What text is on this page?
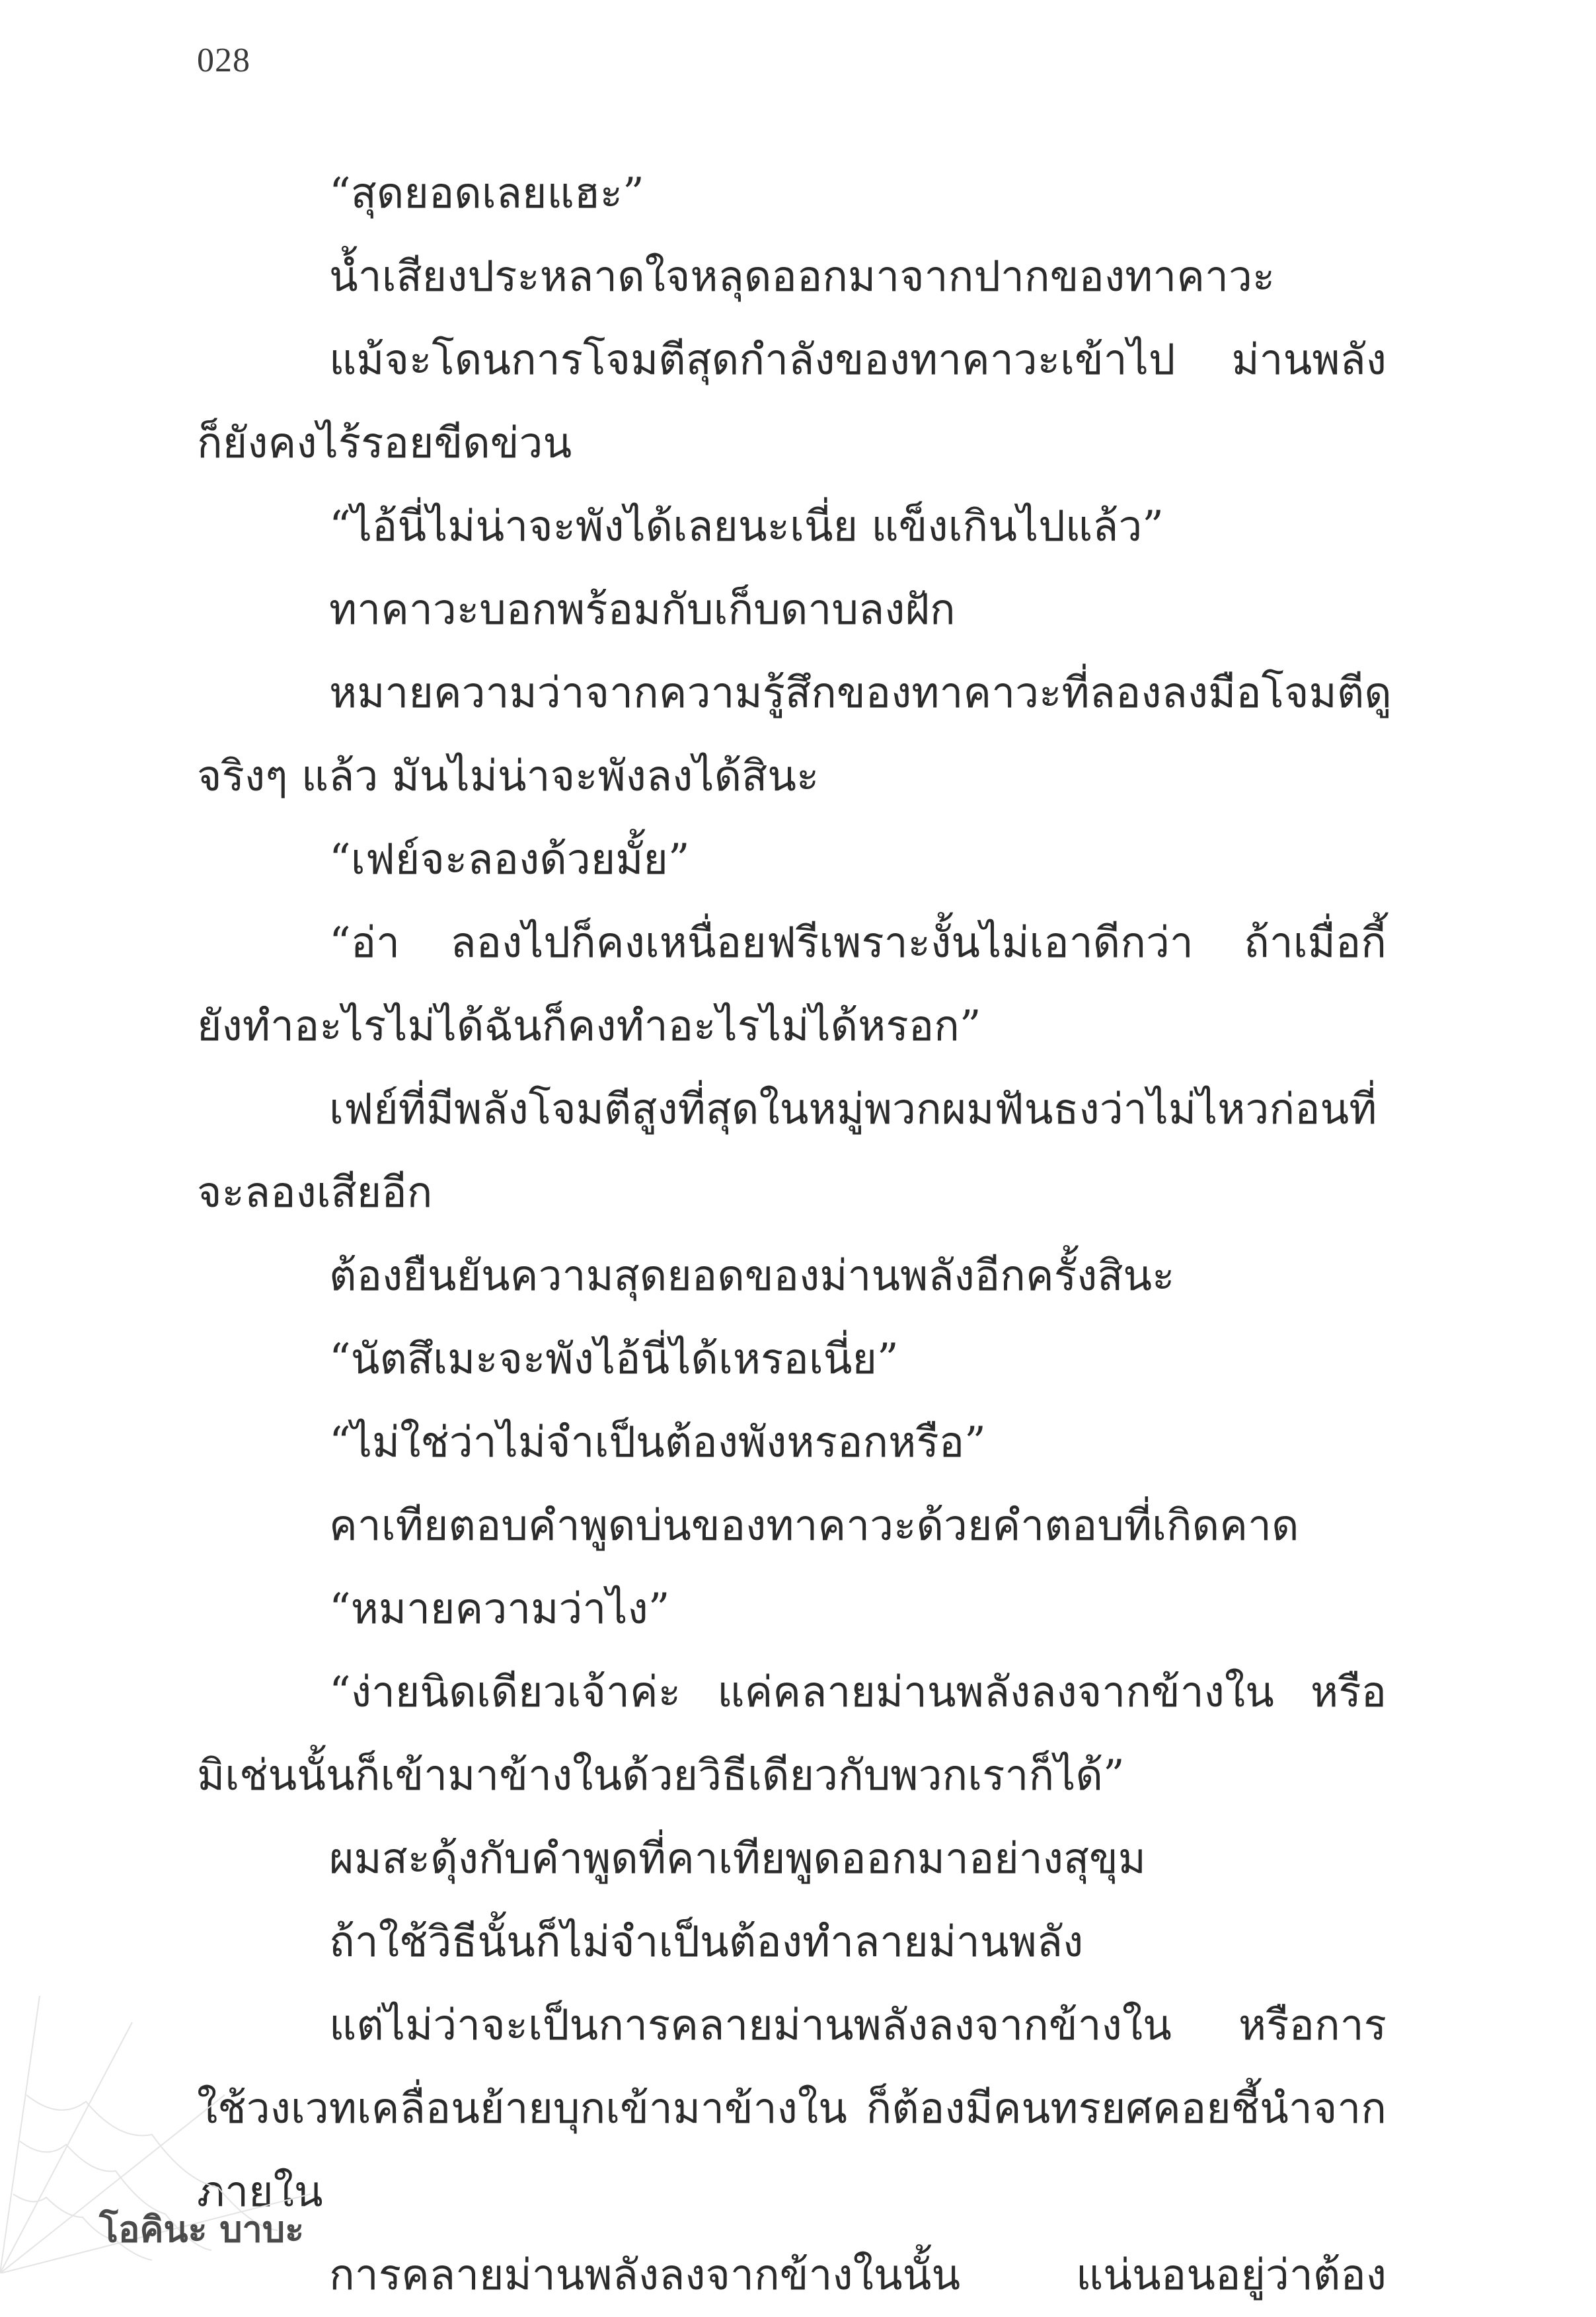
028
“สุดยอดเลยแฮะ”
น้ำเสียงประหลาดใจหลุดออกมาจากปากของทาคาวะ
แม้จะโดนการโจมตีสุดกำลังของทาคาวะเข้าไป ม่านพลัง
ก็ยังคงไร้รอยขีดข่วน
“ไอ้นี่ไม่น่าจะพังได้เลยนะเนี่ย แข็งเกินไปแล้ว”
ทาคาวะบอกพร้อมกับเก็บดาบลงฝัก
หมายความว่าจากความรู้สึกของทาคาวะที่ลองลงมือโจมตีดู
จริงๆ แล้ว มันไม่น่าจะพังลงได้สินะ
“เฟย์จะลองด้วยมั้ย”
“อ่า ลองไปก็คงเหนื่อยฟรีเพราะงั้นไม่เอาดีกว่า ถ้าเมื่อกี้
ยังทำอะไรไม่ได้ฉันก็คงทำอะไรไม่ได้หรอก”
เฟย์ที่มีพลังโจมตีสูงที่สุดในหมู่พวกผมฟันธงว่าไม่ไหวก่อนที่
จะลองเสียอีก
ต้องยืนยันความสุดยอดของม่านพลังอีกครั้งสินะ
“นัตสึเมะจะพังไอ้นี่ได้เหรอเนี่ย”
“ไม่ใช่ว่าไม่จำเป็นต้องพังหรอกหรือ”
คาเทียตอบคำพูดบ่นของทาคาวะด้วยคำตอบที่เกิดคาด
“หมายความว่าไง”
“ง่ายนิดเดียวเจ้าค่ะ แค่คลายม่านพลังลงจากข้างใน หรือ
มิเช่นนั้นก็เข้ามาข้างในด้วยวิธีเดียวกับพวกเราก็ได้”
ผมสะดุ้งกับคำพูดที่คาเทียพูดออกมาอย่างสุขุม
ถ้าใช้วิธีนั้นก็ไม่จำเป็นต้องทำลายม่านพลัง
แต่ไม่ว่าจะเป็นการคลายม่านพลังลงจากข้างใน หรือการ
ใช้วงเวทเคลื่อนย้ายบุกเข้ามาข้างใน ก็ต้องมีคนทรยศคอยชี้นำจาก
ภายใน
การคลายม่านพลังลงจากข้างในนั้น แน่นอนอยู่ว่าต้อง
โอคินะ บาบะ
